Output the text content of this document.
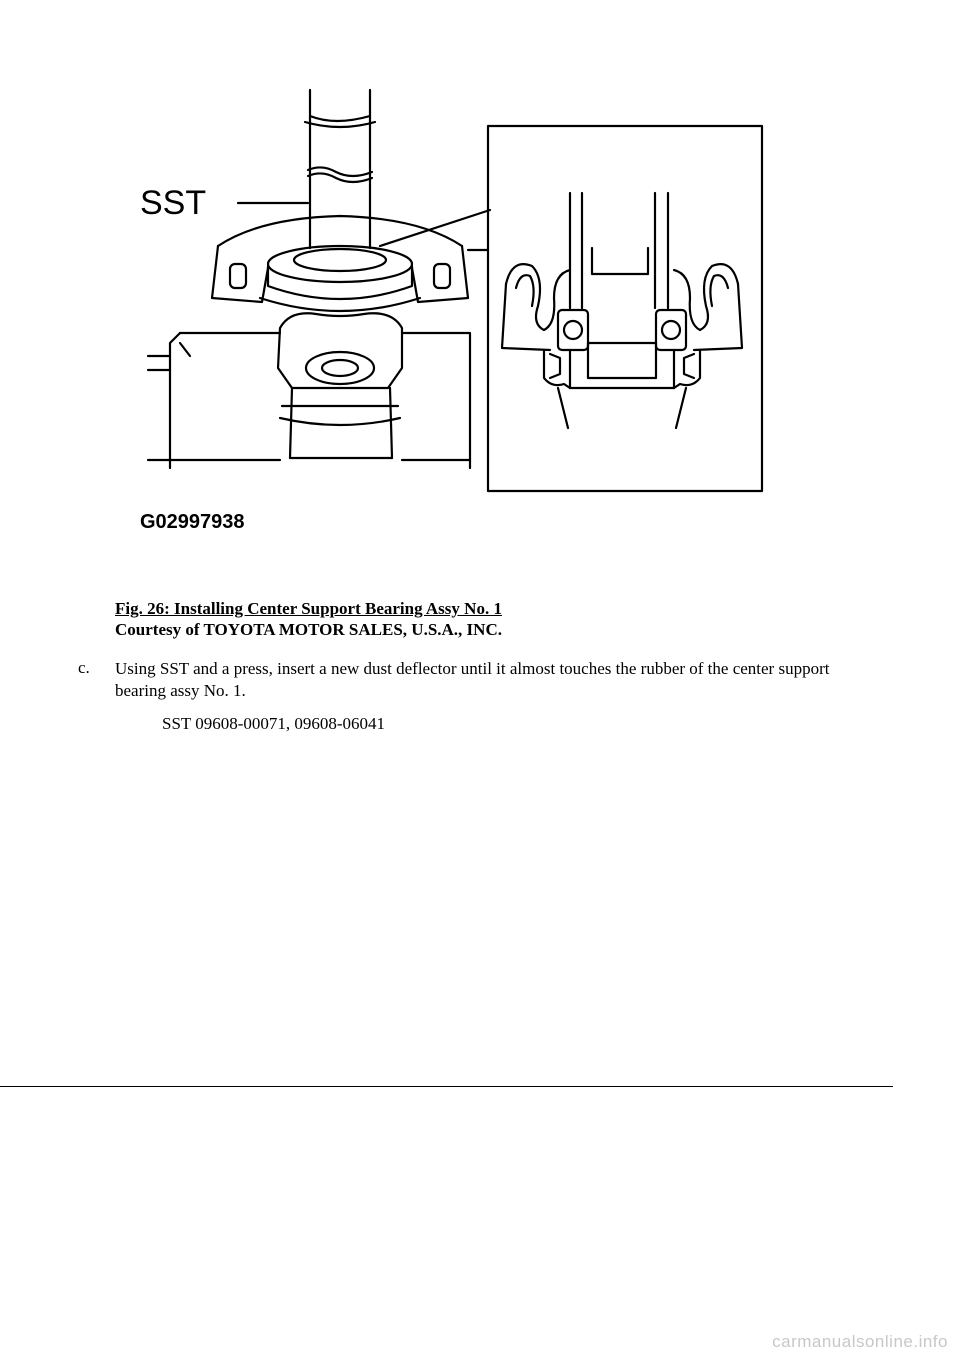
SST
G02997938
Fig. 26: Installing Center Support Bearing Assy No. 1
Courtesy of TOYOTA MOTOR SALES, U.S.A., INC.
c. Using SST and a press, insert a new dust deflector until it almost touches the rubber of the center support bearing assy No. 1.
SST 09608-00071, 09608-06041
carmanualsonline.info
